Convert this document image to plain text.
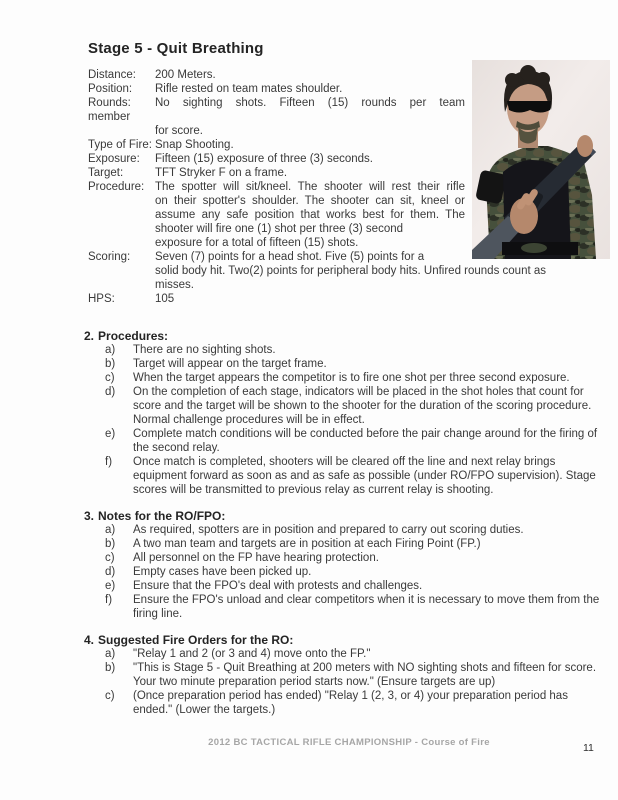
Stage 5 - Quit Breathing
Distance: 200 Meters.
Position: Rifle rested on team mates shoulder.
Rounds: No sighting shots. Fifteen (15) rounds per team
member
for score.
Type of Fire: Snap Shooting.
Exposure: Fifteen (15) exposure of three (3) seconds.
Target:	TFT Stryker F on a frame.
Procedure: The spotter will sit/kneel. The shooter will rest their rifle
on their spotter's shoulder. The shooter can sit, kneel or
assume any safe position that works best for them. The
shooter will fire one (1) shot per three (3) second
exposure for a total of fifteen (15) shots.
Scoring: Seven (7) points for a head shot. Five (5) points for a
solid body hit. Two(2) points for peripheral body hits. Unfired rounds count as
misses.
HPS:	105
2. Procedures:
a) There are no sighting shots.
b) Target will appear on the target frame.
c) When the target appears the competitor is to fire one shot per three second exposure.
d) On the completion of each stage, indicators will be placed in the shot holes that count for score and the target will be shown to the shooter for the duration of the scoring procedure. Normal challenge procedures will be in effect.
e) Complete match conditions will be conducted before the pair change around for the firing of the second relay.
f) Once match is completed, shooters will be cleared off the line and next relay brings equipment forward as soon as and as safe as possible (under RO/FPO supervision). Stage scores will be transmitted to previous relay as current relay is shooting.
3. Notes for the RO/FPO:
a) As required, spotters are in position and prepared to carry out scoring duties.
b) A two man team and targets are in position at each Firing Point (FP.)
c) All personnel on the FP have hearing protection.
d) Empty cases have been picked up.
e) Ensure that the FPO's deal with protests and challenges.
f) Ensure the FPO's unload and clear competitors when it is necessary to move them from the firing line.
4. Suggested Fire Orders for the RO:
a) "Relay 1 and 2 (or 3 and 4) move onto the FP."
b) "This is Stage 5 - Quit Breathing at 200 meters with NO sighting shots and fifteen for score. Your two minute preparation period starts now." (Ensure targets are up)
c) (Once preparation period has ended) "Relay 1 (2, 3, or 4) your preparation period has ended." (Lower the targets.)
2012 BC TACTICAL RIFLE CHAMPIONSHIP - Course of Fire	11
